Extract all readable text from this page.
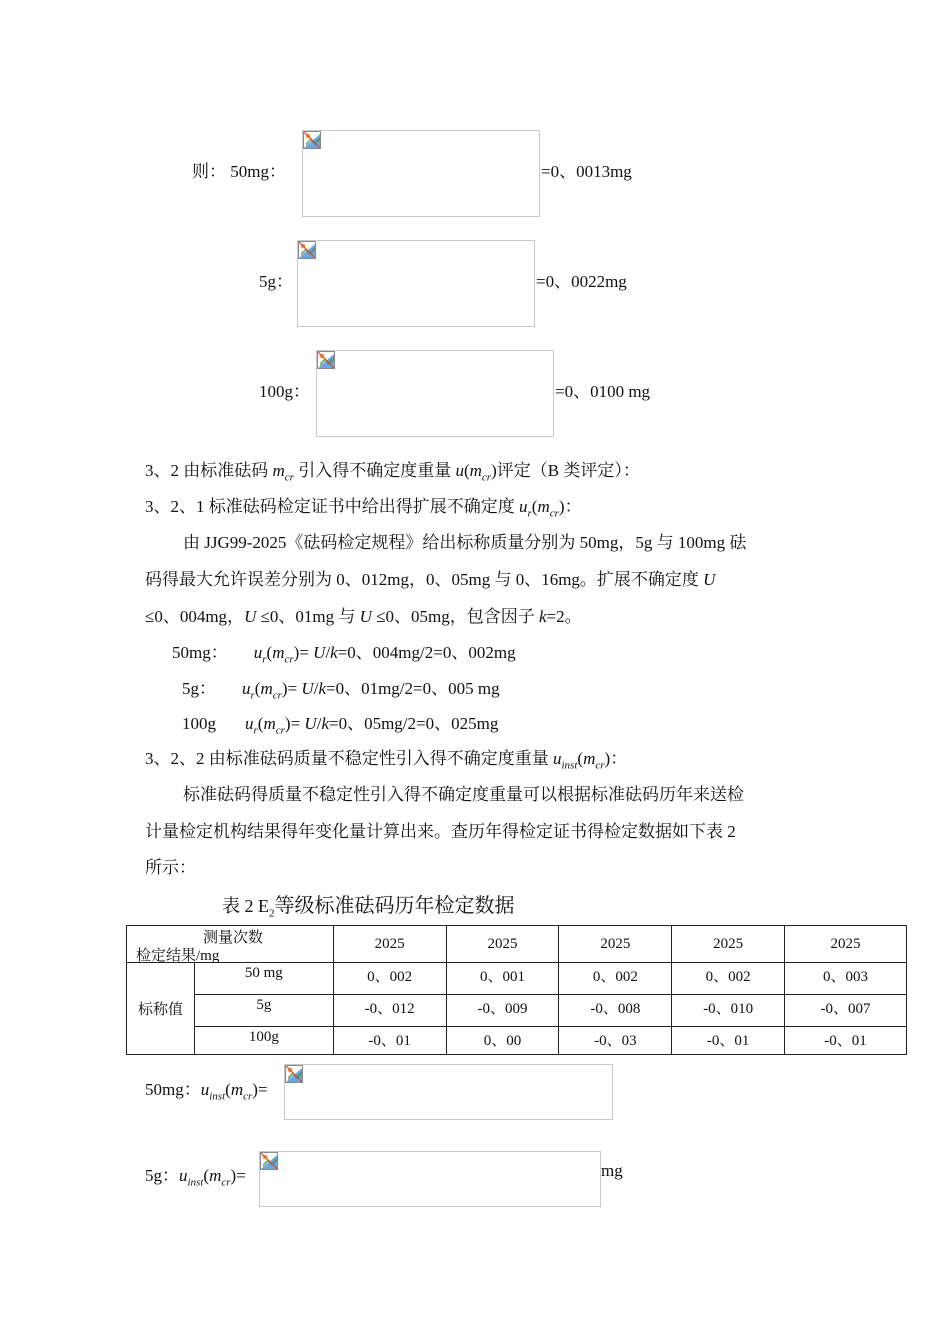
则： 50mg：	=0、0013mg
5g：	=0、0022mg
100g：	=0、0100 mg
3、2 由标准砝码 $m_{cr}$ 引入得不确定度重量 $u(m_{cr})$评定（B 类评定）：
3、2、1 标准砝码检定证书中给出得扩展不确定度 $u_r(m_{cr})$：
由 JJG99-2025《砝码检定规程》给出标称质量分别为 50mg，5g 与 100mg 砝
码得最大允许误差分别为 0、012mg，0、05mg 与 0、16mg。扩展不确定度 U
≤0、004mg，U ≤0、01mg 与 U ≤0、05mg，包含因子 k=2。
50mg： $u_r(m_{cr})= U/k=0$、004mg/2=0、002mg
5g： $u_r(m_{cr})= U/k=0$、01mg/2=0、005 mg
100g $u_r(m_{cr})= U/k=0$、05mg/2=0、025mg
3、2、2 由标准砝码质量不稳定性引入得不确定度重量 $u_{inst}(m_{cr})$：
标准砝码得质量不稳定性引入得不确定度重量可以根据标准砝码历年来送检
计量检定机构结果得年变化量计算出来。查历年得检定证书得检定数据如下表 2
所示：
表 2 $E_2$等级标准砝码历年检定数据
测量次数
检定结果/mg		2025	2025	2025	2025	2025
标称值	50 mg	0、002	0、001	0、002	0、002	0、003
	5g	-0、012	-0、009	-0、008	-0、010	-0、007
	100g	-0、01	0、00	-0、03	-0、01	-0、01
50mg：$u_{inst}(m_{cr})=$
5g：$u_{inst}(m_{cr})=$	mg
